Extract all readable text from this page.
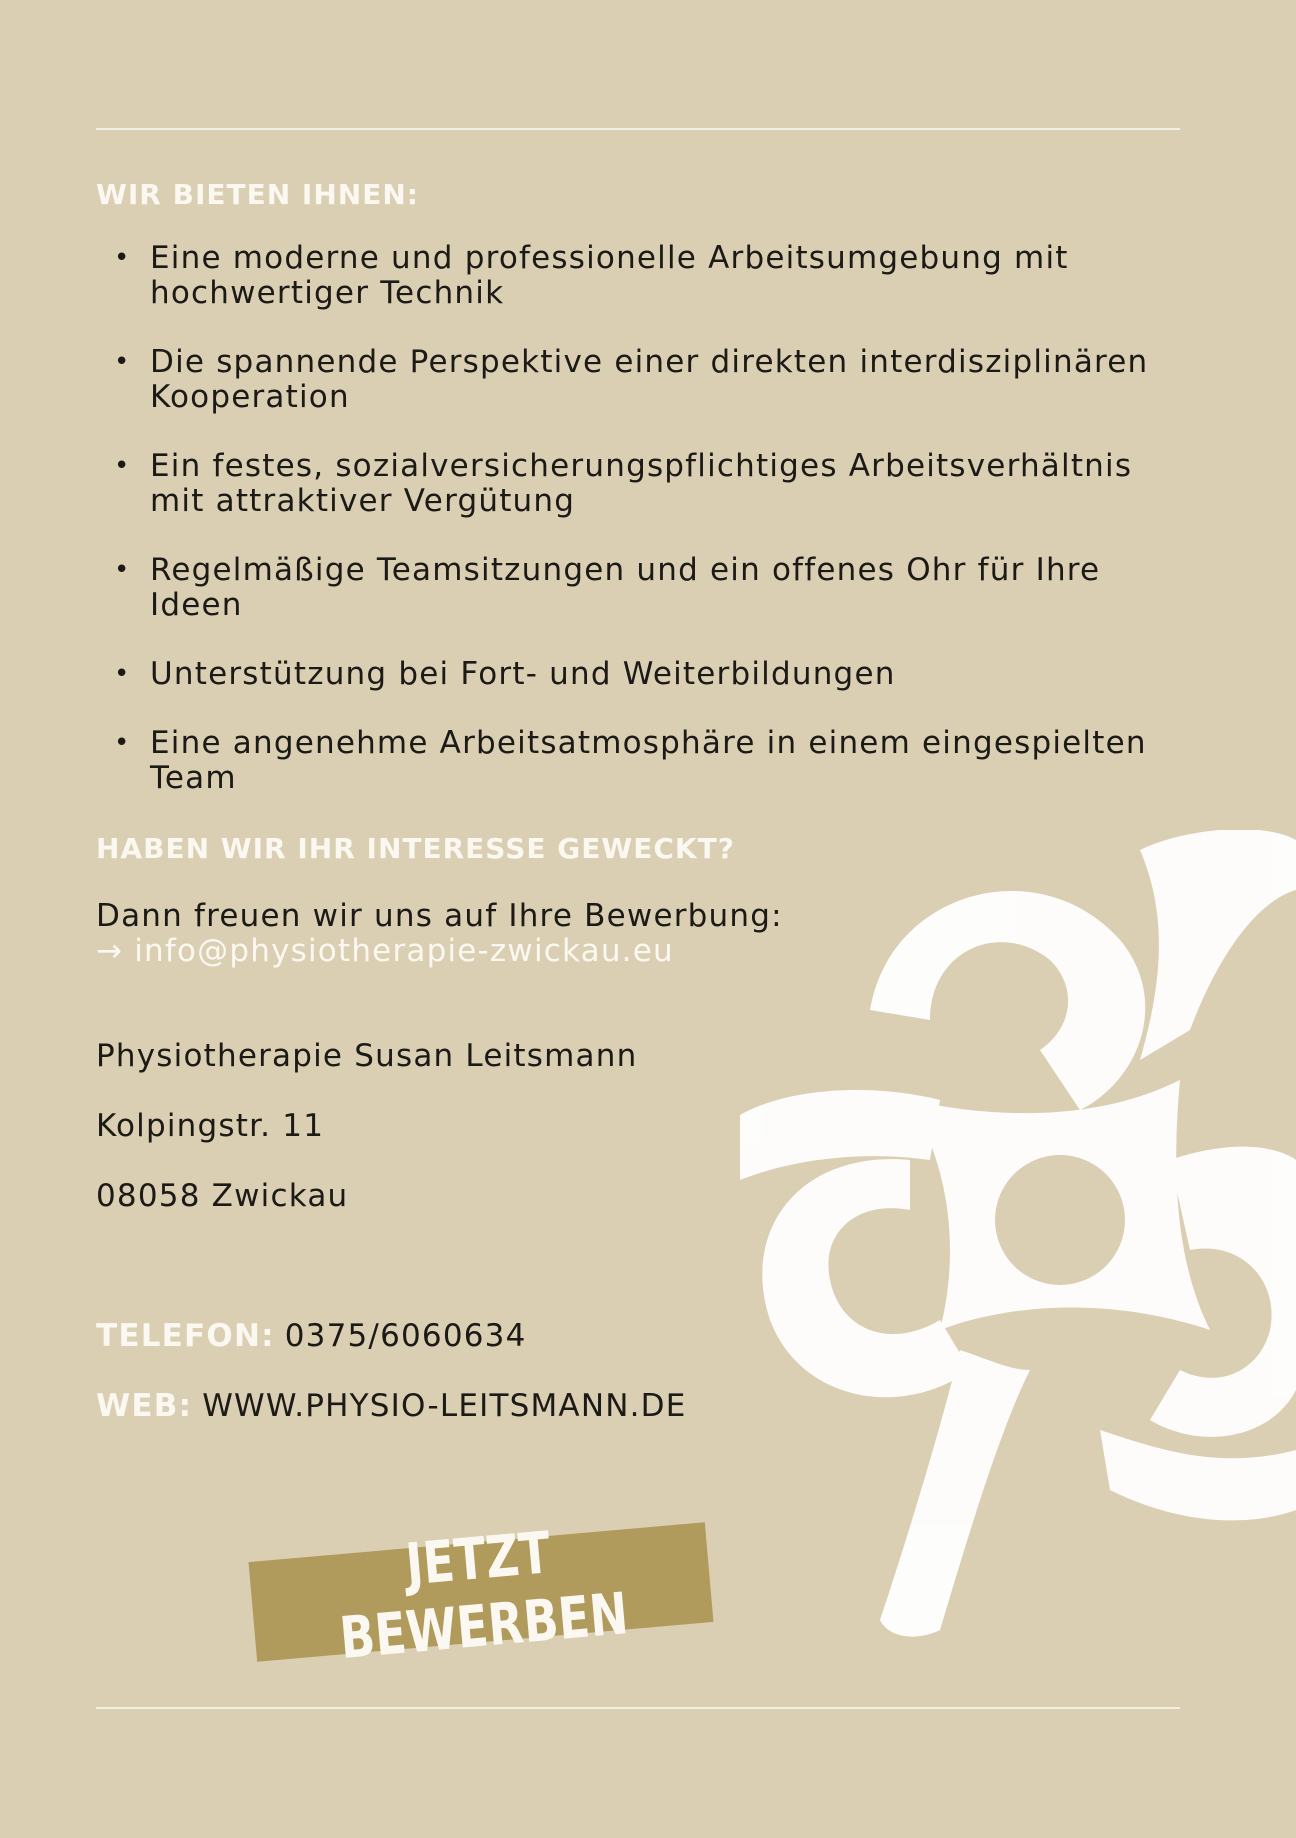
WIR BIETEN IHNEN:
• Eine moderne und professionelle Arbeitsumgebung mit hochwertiger Technik
• Die spannende Perspektive einer direkten interdisziplinären Kooperation
• Ein festes, sozialversicherungspflichtiges Arbeitsverhältnis mit attraktiver Vergütung
• Regelmäßige Teamsitzungen und ein offenes Ohr für Ihre Ideen
• Unterstützung bei Fort- und Weiterbildungen
• Eine angenehme Arbeitsatmosphäre in einem eingespielten Team
HABEN WIR IHR INTERESSE GEWECKT?
Dann freuen wir uns auf Ihre Bewerbung:
→ info@physiotherapie-zwickau.eu
Physiotherapie Susan Leitsmann
Kolpingstr. 11
08058 Zwickau
TELEFON: 0375/6060634
WEB: WWW.PHYSIO-LEITSMANN.DE
JETZT BEWERBEN
